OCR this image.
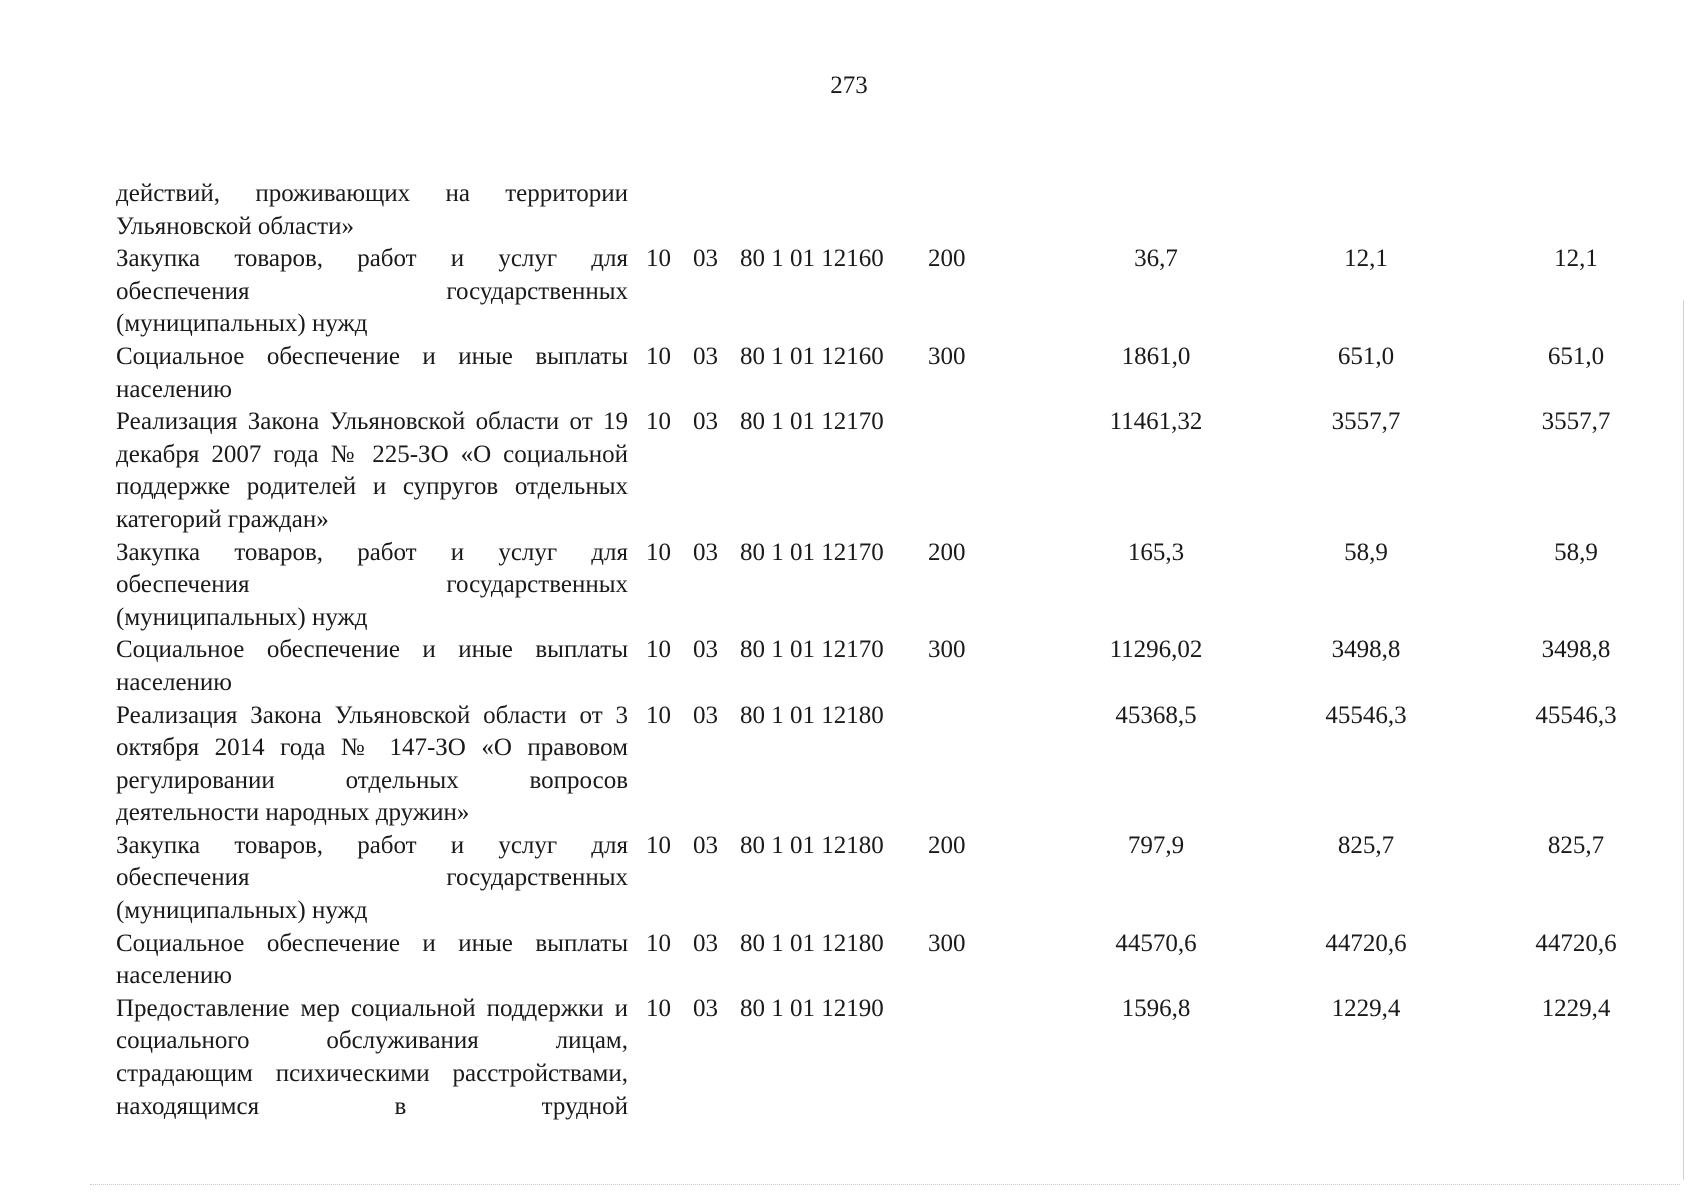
273
действий, проживающих на территории Ульяновской области»
Закупка товаров, работ и услуг для обеспечения государственных (муниципальных) нужд
10 03 80 1 01 12160 200	36,7	12,1	12,1
Социальное обеспечение и иные выплаты населению
10 03 80 1 01 12160 300	1861,0	651,0	651,0
Реализация Закона Ульяновской области от 19 декабря 2007 года № 225-ЗО «О социальной поддержке родителей и супругов отдельных категорий граждан»
10 03 80 1 01 12170	11461,32	3557,7	3557,7
Закупка товаров, работ и услуг для обеспечения государственных (муниципальных) нужд
10 03 80 1 01 12170 200	165,3	58,9	58,9
Социальное обеспечение и иные выплаты населению
10 03 80 1 01 12170 300	11296,02	3498,8	3498,8
Реализация Закона Ульяновской области от 3 октября 2014 года № 147-ЗО «О правовом регулировании отдельных вопросов деятельности народных дружин»
10 03 80 1 01 12180	45368,5	45546,3	45546,3
Закупка товаров, работ и услуг для обеспечения государственных (муниципальных) нужд
10 03 80 1 01 12180 200	797,9	825,7	825,7
Социальное обеспечение и иные выплаты населению
10 03 80 1 01 12180 300	44570,6	44720,6	44720,6
Предоставление мер социальной поддержки и социального обслуживания лицам, страдающим психическими расстройствами, находящимся в трудной
10 03 80 1 01 12190	1596,8	1229,4	1229,4
